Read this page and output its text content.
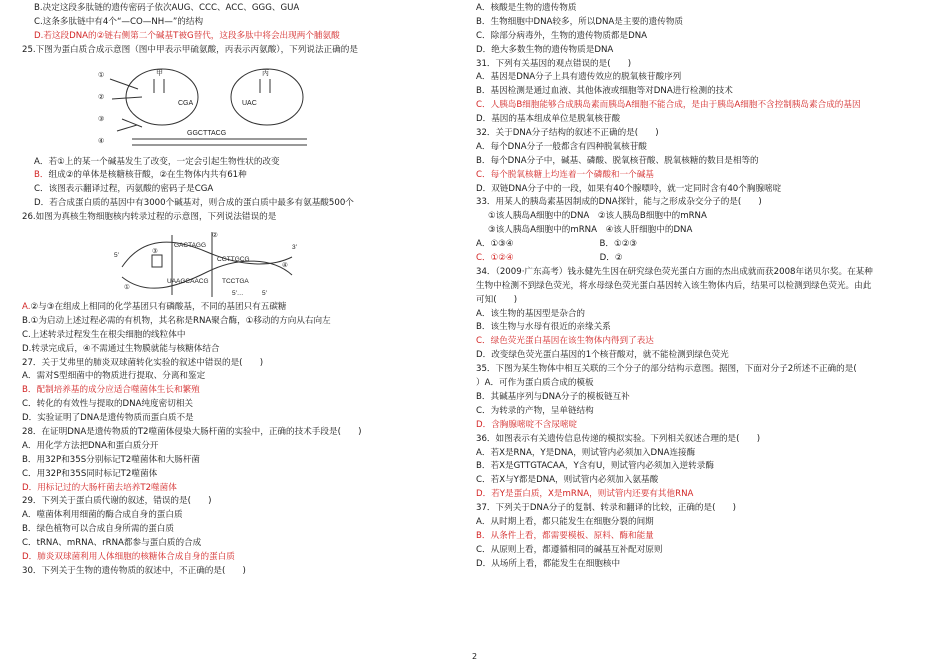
B.决定这段多肽链的遗传密码子依次AUG、CCC、ACC、GGG、GUA
C.这条多肽链中有4个“—CO—NH—”的结构
D.若这段DNA的②链右侧第二个碱基T被G替代，这段多肽中将会出现两个脯氨酸
25.下图为蛋白质合成示意图（图中甲表示甲硫氨酸，丙表示丙氨酸），下列说法正确的是
①
②
③
④
甲	丙
CGA	UAC
GGCTTACG
A．若①上的某一个碱基发生了改变，一定会引起生物性状的改变
B．组成②的单体是核糖核苷酸，②在生物体内共有61种
C．该图表示翻译过程，丙氨酸的密码子是CGA
D．若合成蛋白质的基因中有3000个碱基对，则合成的蛋白质中最多有氨基酸500个
26.如图为真核生物细胞核内转录过程的示意图，下列说法错误的是
①
②
③
④
5′
3′
GACTAGG
CGTTGCG
UAAGCAACG TCCTGA
5′…	5′
A.②与③在组成上相同的化学基团只有磷酸基，不同的基团只有五碳糖
B.①为启动上述过程必需的有机物，其名称是RNA聚合酶，①移动的方向从右向左
C.上述转录过程发生在根尖细胞的线粒体中
D.转录完成后，④不需通过生物膜就能与核糖体结合
27．关于艾弗里的肺炎双球菌转化实验的叙述中错误的是(　　)
A．需对S型细菌中的物质进行提取、分离和鉴定
B．配制培养基的成分应适合噬菌体生长和繁殖
C．转化的有效性与提取的DNA纯度密切相关
D．实验证明了DNA是遗传物质而蛋白质不是
28．在证明DNA是遗传物质的T2噬菌体侵染大肠杆菌的实验中，正确的技术手段是(　　)
A．用化学方法把DNA和蛋白质分开
B．用32P和35S分别标记T2噬菌体和大肠杆菌
C．用32P和35S同时标记T2噬菌体
D．用标记过的大肠杆菌去培养T2噬菌体
29．下列关于蛋白质代谢的叙述，错误的是(　　)
A．噬菌体利用细菌的酶合成自身的蛋白质
B．绿色植物可以合成自身所需的蛋白质
C．tRNA、mRNA、rRNA都参与蛋白质的合成
D．肺炎双球菌利用人体细胞的核糖体合成自身的蛋白质
30．下列关于生物的遗传物质的叙述中，不正确的是(　　)
A．核酸是生物的遗传物质
B．生物细胞中DNA较多，所以DNA是主要的遗传物质
C．除部分病毒外，生物的遗传物质都是DNA
D．绝大多数生物的遗传物质是DNA
31．下列有关基因的观点错误的是(　　)
A．基因是DNA分子上具有遗传效应的脱氧核苷酸序列
B．基因检测是通过血液、其他体液或细胞等对DNA进行检测的技术
C．人胰岛B细胞能够合成胰岛素而胰岛A细胞不能合成，是由于胰岛A细胞不含控制胰岛素合成的基因
D．基因的基本组成单位是脱氧核苷酸
32．关于DNA分子结构的叙述不正确的是(　　)
A．每个DNA分子一般都含有四种脱氧核苷酸
B．每个DNA分子中，碱基、磷酸、脱氧核苷酸、脱氧核糖的数目是相等的
C．每个脱氧核糖上均连着一个磷酸和一个碱基
D．双链DNA分子中的一段，如果有40个腺嘌呤，就一定同时含有40个胸腺嘧啶
33．用某人的胰岛素基因制成的DNA探针，能与之形成杂交分子的是(　　)
①该人胰岛A细胞中的DNA　②该人胰岛B细胞中的mRNA
③该人胰岛A细胞中的mRNA　④该人肝细胞中的DNA
A．①③④　　　　　　　　　　B．①②③
C．①②④　　　　　　　　　　D．②
34．（2009·广东高考）钱永健先生因在研究绿色荧光蛋白方面的杰出成就而获2008年诺贝尔奖。在某种
生物中检测不到绿色荧光，将水母绿色荧光蛋白基因转入该生物体内后，结果可以检测到绿色荧光。由此
可知(　　)
A．该生物的基因型是杂合的
B．该生物与水母有很近的亲缘关系
C．绿色荧光蛋白基因在该生物体内得到了表达
D．改变绿色荧光蛋白基因的1个核苷酸对，就不能检测到绿色荧光
35．下图为某生物体中相互关联的三个分子的部分结构示意图。据图，下面对分子2所述不正确的是(
）A．可作为蛋白质合成的模板
B．其碱基序列与DNA分子的模板链互补
C．为转录的产物，呈单链结构
D．含胸腺嘧啶不含尿嘧啶
36．如图表示有关遗传信息传递的模拟实验。下列相关叙述合理的是(　　)
A．若X是RNA，Y是DNA，则试管内必须加入DNA连接酶
B．若X是GTTGTACAA，Y含有U，则试管内必须加入逆转录酶
C．若X与Y都是DNA，则试管内必须加入氨基酸
D．若Y是蛋白质，X是mRNA，则试管内还要有其他RNA
37．下列关于DNA分子的复制、转录和翻译的比较，正确的是(　　)
A．从时期上看，都只能发生在细胞分裂的间期
B．从条件上看，都需要模板、原料、酶和能量
C．从原则上看，都遵循相同的碱基互补配对原则
D．从场所上看，都能发生在细胞核中
2
